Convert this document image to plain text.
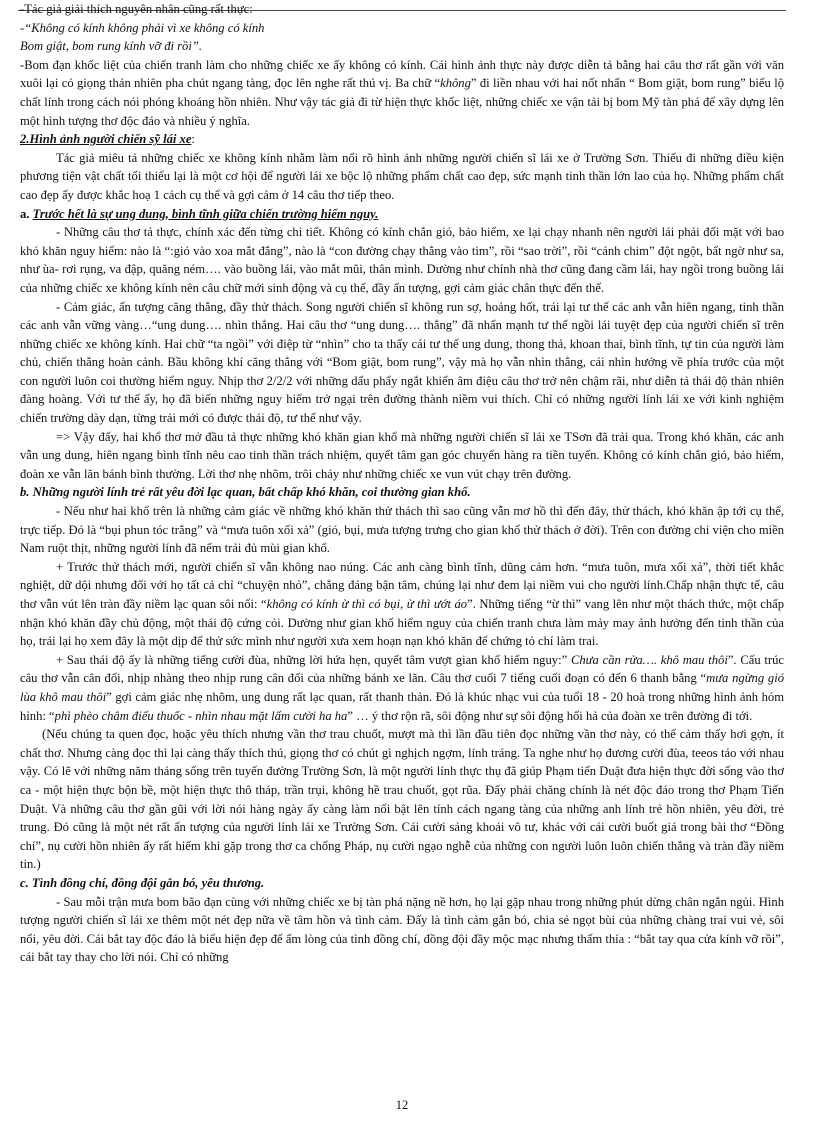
-Tác giả giải thích nguyên nhân cũng rất thực:

-“Không có kính không phải vì xe không có kính

Bom giật, bom rung kính vỡ đi rồi”.

-Bom đạn khốc liệt của chiến tranh làm cho những chiếc xe ấy không có kính. Cái hình ảnh thực này được diễn tả bằng hai câu thơ rất gần với văn xuôi lại có giọng thản nhiên pha chút ngang tàng, đọc lên nghe rất thú vị. Ba chữ “không” đi liền nhau với hai nốt nhấn “ Bom giật, bom rung” biểu lộ chất lính trong cách nói phóng khoáng hồn nhiên. Như vậy tác giả đi từ hiện thực khốc liệt, những chiếc xe vận tải bị bom Mỹ tàn phá để xây dựng lên một hình tượng thơ độc đáo và nhiều ý nghĩa.

2.Hình ảnh người chiến sỹ lái xe:

Tác giả miêu tả những chiếc xe không kính nhằm làm nổi rõ hình ảnh những người chiến sĩ lái xe ở Trường Sơn. Thiếu đi những điều kiện phương tiện vật chất tối thiểu lại là một cơ hội để người lái xe bộc lộ những phẩm chất cao đẹp, sức mạnh tinh thần lớn lao của họ. Những phẩm chất cao đẹp ấy được khắc hoạ 1 cách cụ thể và gợi cảm ở 14 câu thơ tiếp theo.

a. Trước hết là sự ung dung, bình tĩnh giữa chiến trường hiểm nguy.

- Những câu thơ tả thực, chính xác đến từng chi tiết. Không có kính chắn gió, bảo hiểm, xe lại chạy nhanh nên người lái phải đối mặt với bao khó khăn nguy hiểm: nào là “:gió vào xoa mắt đắng”, nào là “con đường chạy thẳng vào tim”, rồi “sao trời”, rồi “cánh chim” đột ngột, bất ngờ như sa, như ùa- rơi rụng, va đập, quăng ném…. vào buồng lái, vào mắt mũi, thân mình. Dường như chính nhà thơ cũng đang cầm lái, hay ngồi trong buồng lái của những chiếc xe không kính nên câu chữ mới sinh động và cụ thể, đầy ấn tượng, gợi cảm giác chân thực đến thế.

- Cảm giác, ấn tượng căng thẳng, đầy thử thách. Song người chiến sĩ không run sợ, hoảng hốt, trái lại tư thế các anh vẫn hiên ngang, tinh thần các anh vẫn vững vàng…“ung dung…. nhìn thẳng. Hai câu thơ “ung dung…. thẳng” đã nhấn mạnh tư thế ngồi lái tuyệt đẹp của người chiến sĩ trên những chiếc xe không kính. Hai chữ “ta ngồi” với điệp từ “nhìn” cho ta thấy cái tư thế ung dung, thong thả, khoan thai, bình tĩnh, tự tin của người làm chủ, chiến thắng hoàn cảnh. Bầu không khí căng thẳng với “Bom giật, bom rung”, vậy mà họ vẫn nhìn thẳng, cái nhìn hướng về phía trước của một con người luôn coi thường hiểm nguy. Nhịp thơ 2/2/2 với những dấu phẩy ngắt khiến âm điệu câu thơ trở nên chậm rãi, như diễn tả thái độ thản nhiên đàng hoàng. Với tư thế ấy, họ đã biến những nguy hiểm trở ngại trên đường thành niềm vui thích. Chỉ có những người lính lái xe với kinh nghiệm chiến trường dày dạn, từng trải mới có được thái độ, tư thế như vậy.

=> Vậy đấy, hai khổ thơ mở đầu tả thực những khó khăn gian khổ mà những người chiến sĩ lái xe TSơn đã trải qua. Trong khó khăn, các anh vẫn ung dung, hiên ngang bình tĩnh nêu cao tinh thần trách nhiệm, quyết tâm gan góc chuyển hàng ra tiền tuyến. Không có kính chắn gió, bảo hiểm, đoàn xe vẫn lăn bánh bình thường. Lời thơ nhẹ nhõm, trôi chảy như những chiếc xe vun vút chạy trên đường.

b. Những người lính trẻ rất yêu đời lạc quan, bất chấp khó khăn, coi thường gian khổ.

- Nếu như hai khổ trên là những cảm giác về những khó khăn thử thách thì sao cũng vẫn mơ hồ thì đến đây, thử thách, khó khăn ập tới cụ thể, trực tiếp. Đó là “bụi phun tóc trắng” và “mưa tuôn xối xả” (gió, bụi, mưa tượng trưng cho gian khổ thử thách ở đời). Trên con đường chi viện cho miền Nam ruột thịt, những người lính đã nếm trải đủ mùi gian khổ.

+ Trước thử thách mới, người chiến sĩ vẫn không nao núng. Các anh càng bình tĩnh, dũng cảm hơn. “mưa tuôn, mưa xối xả”, thời tiết khắc nghiệt, dữ dội nhưng đối với họ tất cả chỉ “chuyện nhỏ”, chẳng đáng bận tâm, chúng lại như đem lại niềm vui cho người lính.Chấp nhận thực tế, câu thơ vẫn vút lên tràn đầy niềm lạc quan sôi nổi: “không có kính ừ thì có bụi, ừ thì ướt áo”. Những tiếng “ừ thì” vang lên như một thách thức, một chấp nhận khó khăn đầy chủ động, một thái độ cứng cỏi. Dường như gian khổ hiểm nguy của chiến tranh chưa làm mảy may ảnh hưởng đến tinh thần của họ, trái lại họ xem đây là một dịp để thử sức mình như người xưa xem hoạn nạn khó khăn để chứng tỏ chí làm trai.

+ Sau thái độ ấy là những tiếng cười đùa, những lời hứa hẹn, quyết tâm vượt gian khổ hiểm nguy:” Chưa cần rửa…. khô mau thôi”. Cấu trúc câu thơ vẫn cân đối, nhịp nhàng theo nhịp rung cân đối của những bánh xe lăn. Câu thơ cuối 7 tiếng cuối đoạn có đến 6 thanh bằng “mưa ngừng gió lùa khô mau thôi” gợi cảm giác nhẹ nhõm, ung dung rất lạc quan, rất thanh thản. Đó là khúc nhạc vui của tuổi 18 - 20 hoà trong những hình ảnh hóm hỉnh: “phì phèo châm điếu thuốc - nhìn nhau mặt lấm cười ha ha” … ý thơ rộn rã, sôi động như sự sôi động hối hả của đoàn xe trên đường đi tới.

(Nếu chúng ta quen đọc, hoặc yêu thích nhưng vần thơ trau chuốt, mượt mà thì lần đầu tiên đọc những vần thơ này, có thể cảm thấy hơi gợn, ít chất thơ. Nhưng càng đọc thì lại càng thấy thích thú, giọng thơ có chút gì nghịch ngợm, lính tráng. Ta nghe như họ đương cười đùa, teeos táo với nhau vậy. Có lẽ với những năm tháng sống trên tuyến đường Trường Sơn, là một người lính thực thụ đã giúp Phạm tiến Duật đưa hiện thực đời sống vào thơ ca - một hiện thực bộn bề, một hiện thực thô tháp, trần trụi, không hề trau chuốt, gọt rũa. Đấy phải chăng chính là nét độc đáo trong thơ Phạm Tiến Duật. Và những câu thơ gần gũi với lời nói hàng ngày ấy càng làm nổi bật lên tính cách ngang tàng của những anh lính trẻ hồn nhiên, yêu đời, trẻ trung. Đó cũng là một nét rất ấn tượng của người lính lái xe Trường Sơn. Cái cười sảng khoái vô tư, khác với cái cười buốt giá trong bài thơ “Đồng chí”, nụ cười hồn nhiên ấy rất hiếm khi gặp trong thơ ca chống Pháp, nụ cười ngạo nghễ của những con người luôn luôn chiến thắng và tràn đầy niềm tin.)

c. Tình đồng chí, đồng đội gắn bó, yêu thương.

- Sau mỗi trận mưa bom bão đạn cùng với những chiếc xe bị tàn phá nặng nề hơn, họ lại gặp nhau trong những phút dừng chân ngắn ngủi. Hình tượng người chiến sĩ lái xe thêm một nét đẹp nữa về tâm hồn và tình cảm. Đấy là tình cảm gắn bó, chia sẻ ngọt bùi của những chàng trai vui vẻ, sôi nổi, yêu đời. Cái bắt tay độc đáo là biểu hiện đẹp để ấm lòng của tình đồng chí, đồng đội đầy mộc mạc nhưng thấm thía : “bắt tay qua cửa kính vỡ rồi”, cái bắt tay thay cho lời nói. Chỉ có những

12
